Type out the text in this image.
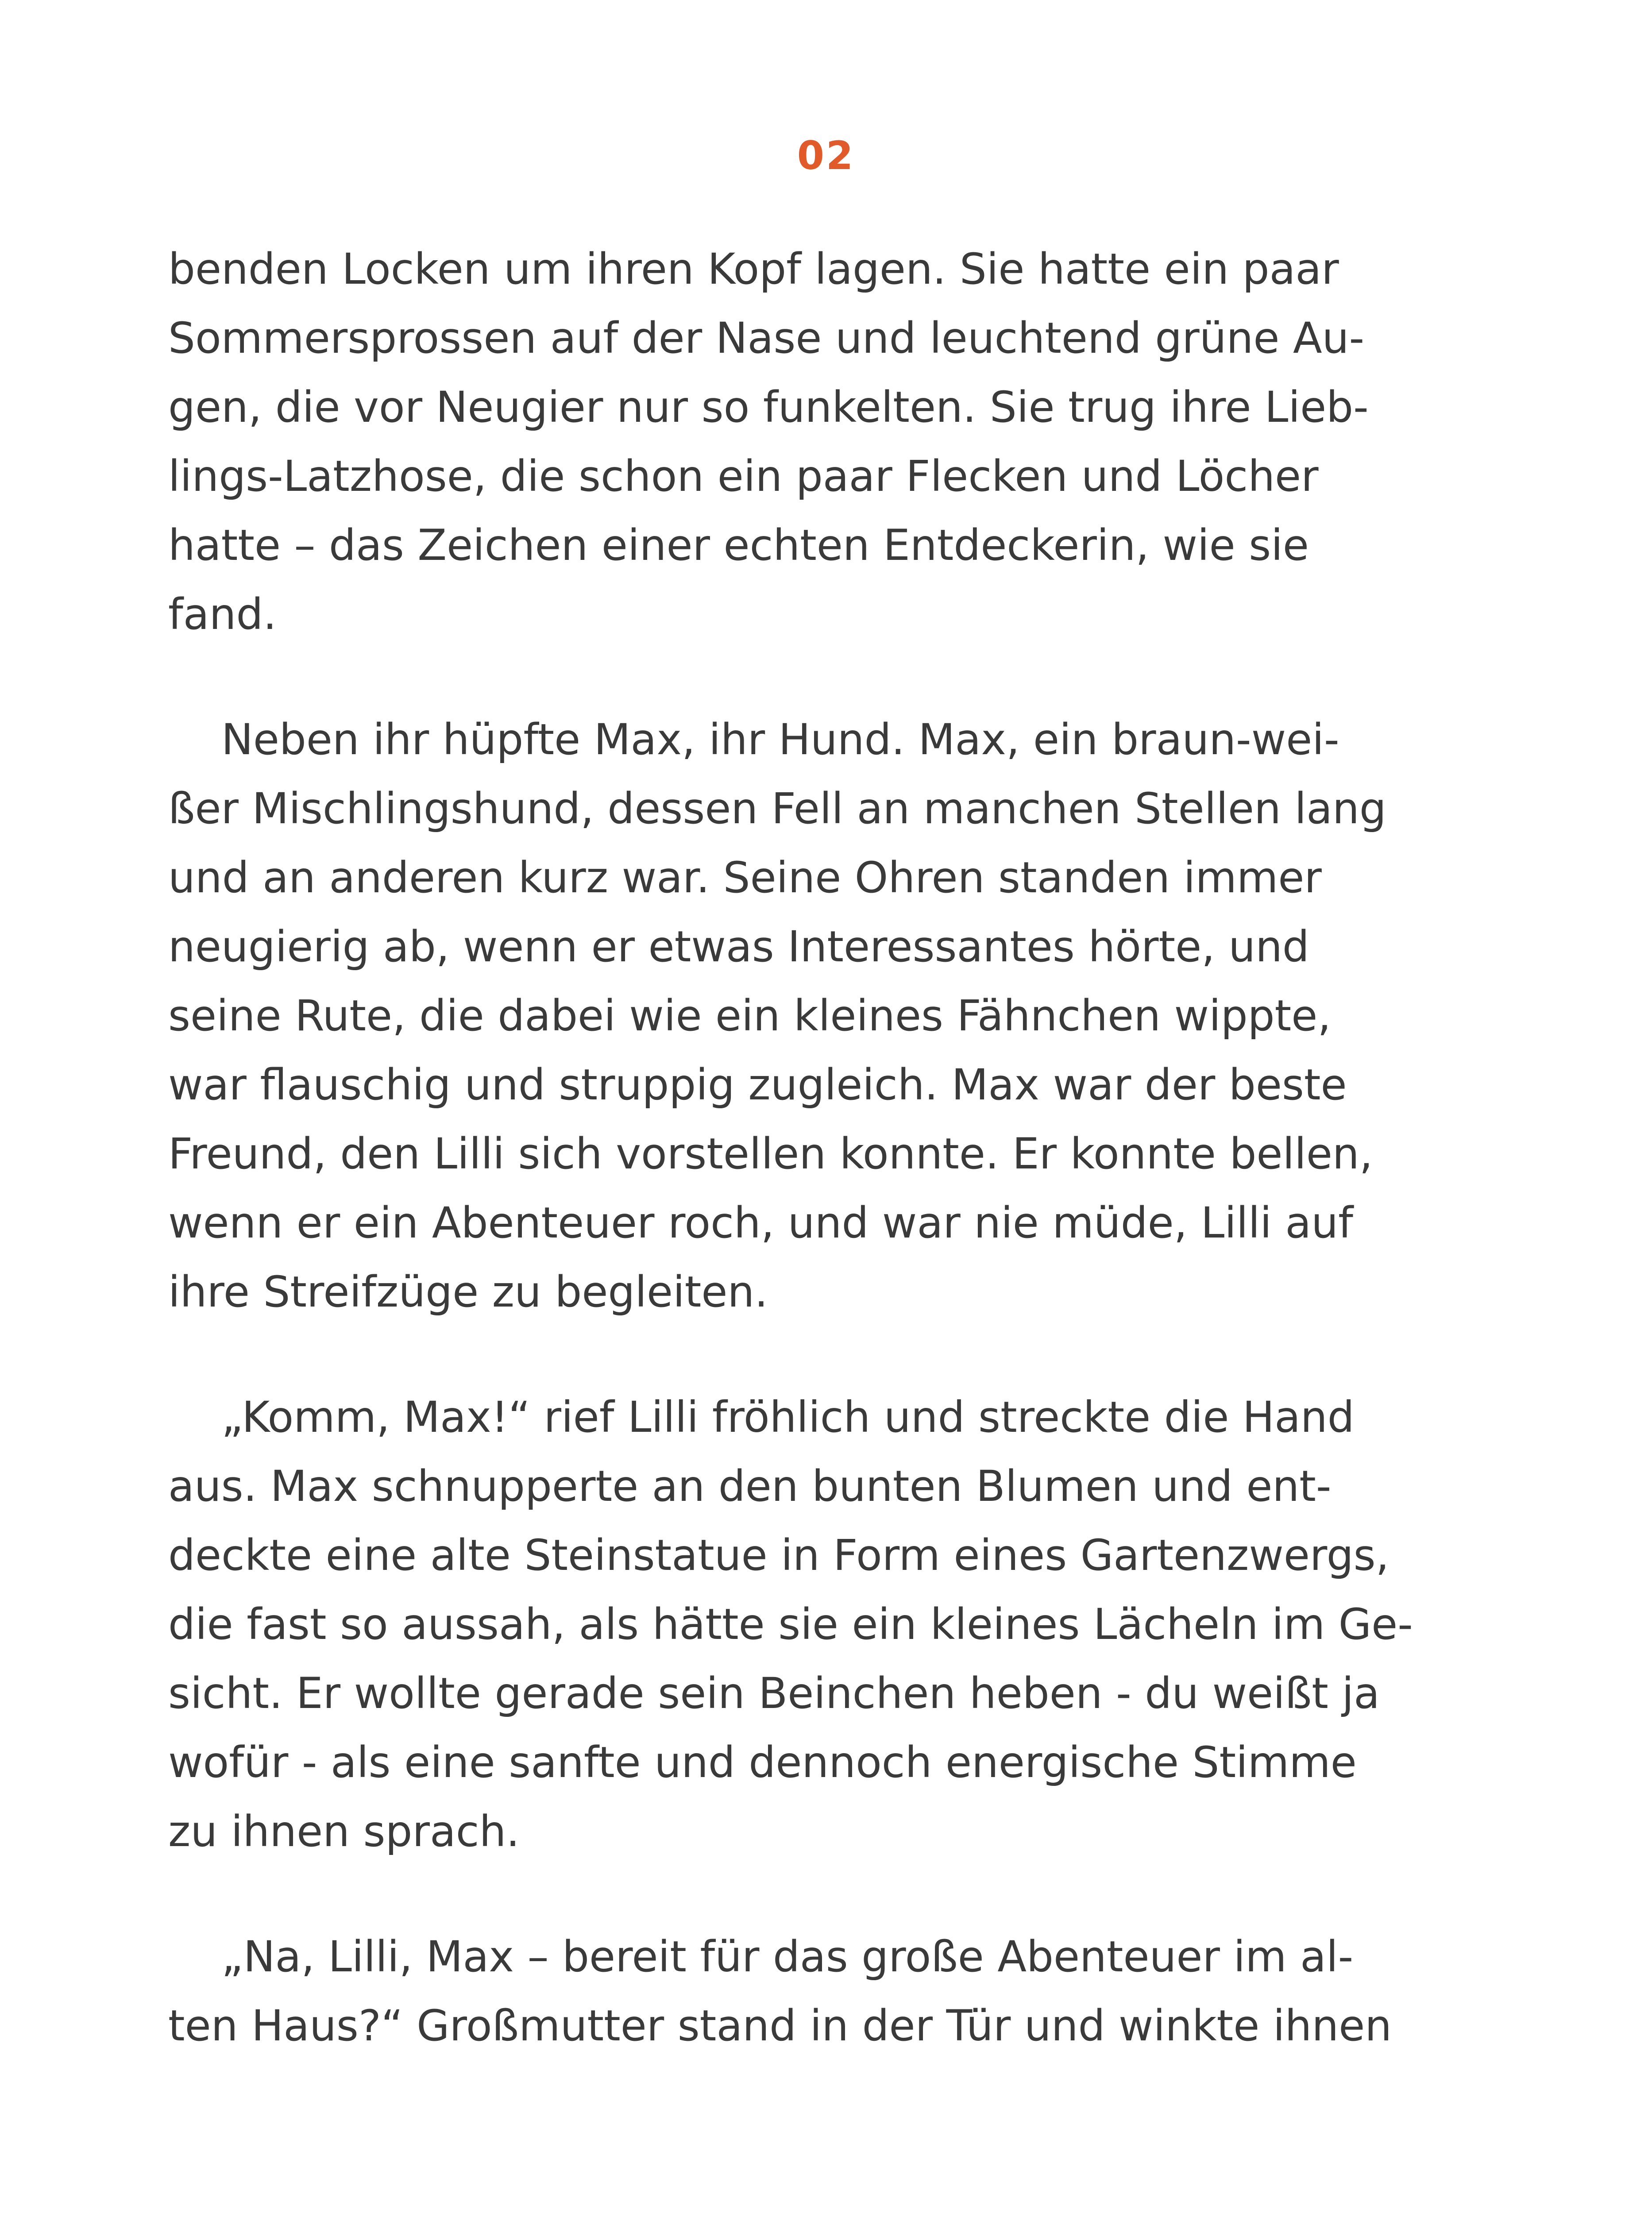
02
benden Locken um ihren Kopf lagen. Sie hatte ein paar
Sommersprossen auf der Nase und leuchtend grüne Au-
gen, die vor Neugier nur so funkelten. Sie trug ihre Lieb-
lings-Latzhose, die schon ein paar Flecken und Löcher
hatte – das Zeichen einer echten Entdeckerin, wie sie
fand.
Neben ihr hüpfte Max, ihr Hund. Max, ein braun-wei-
ßer Mischlingshund, dessen Fell an manchen Stellen lang
und an anderen kurz war. Seine Ohren standen immer
neugierig ab, wenn er etwas Interessantes hörte, und
seine Rute, die dabei wie ein kleines Fähnchen wippte,
war flauschig und struppig zugleich. Max war der beste
Freund, den Lilli sich vorstellen konnte. Er konnte bellen,
wenn er ein Abenteuer roch, und war nie müde, Lilli auf
ihre Streifzüge zu begleiten.
„Komm, Max!“ rief Lilli fröhlich und streckte die Hand
aus. Max schnupperte an den bunten Blumen und ent-
deckte eine alte Steinstatue in Form eines Gartenzwergs,
die fast so aussah, als hätte sie ein kleines Lächeln im Ge-
sicht. Er wollte gerade sein Beinchen heben - du weißt ja
wofür - als eine sanfte und dennoch energische Stimme
zu ihnen sprach.
„Na, Lilli, Max – bereit für das große Abenteuer im al-
ten Haus?“ Großmutter stand in der Tür und winkte ihnen
